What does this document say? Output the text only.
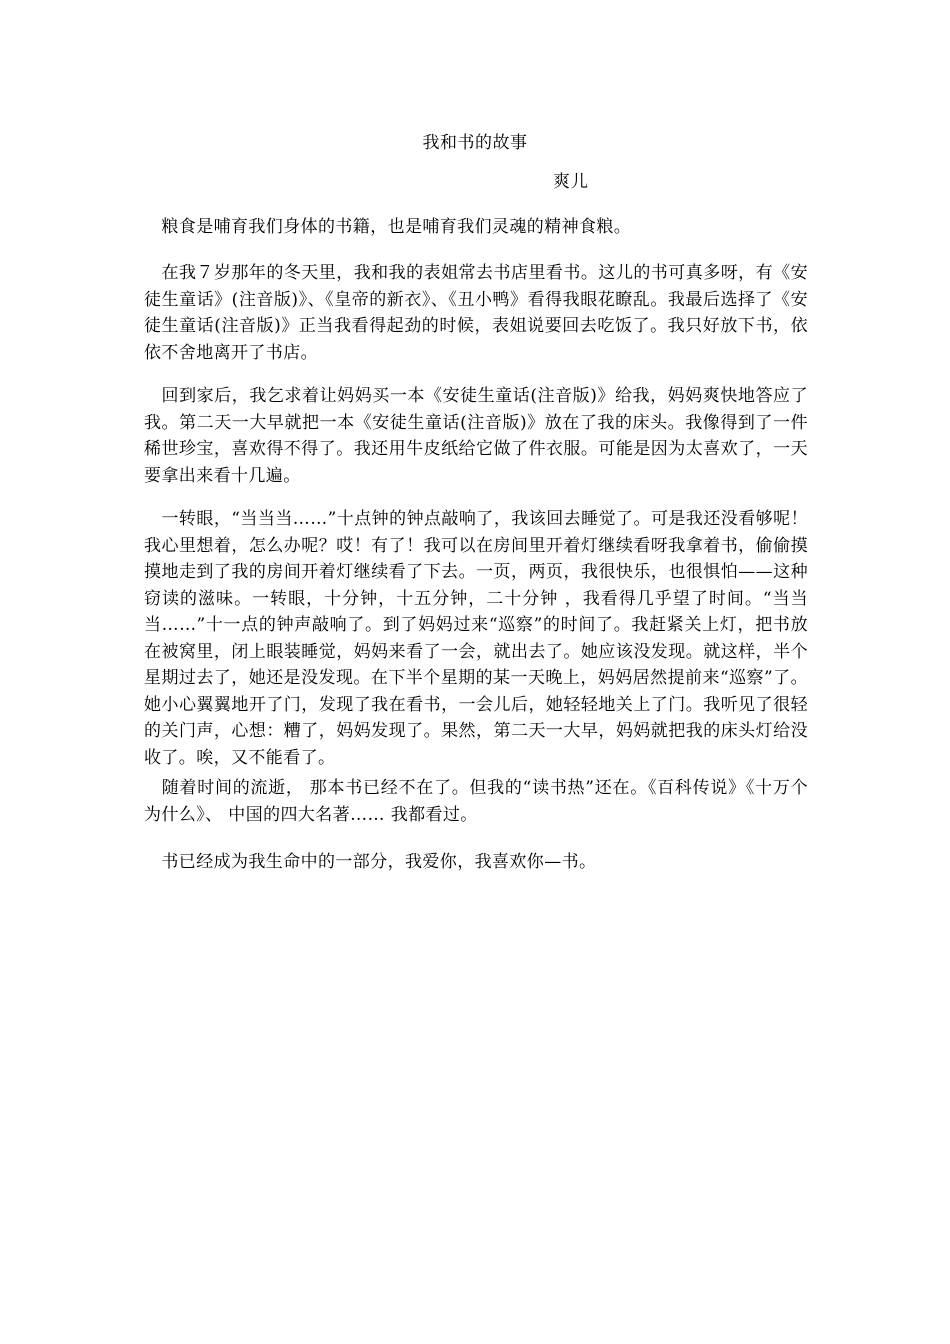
我和书的故事
爽儿

　粮食是哺育我们身体的书籍，也是哺育我们灵魂的精神食粮。

　在我７岁那年的冬天里，我和我的表姐常去书店里看书。这儿的书可真多呀，有《安徒生童话》(注音版)》、《皇帝的新衣》、《丑小鸭》看得我眼花瞭乱。我最后选择了《安徒生童话(注音版)》正当我看得起劲的时候，表姐说要回去吃饭了。我只好放下书，依依不舍地离开了书店。

　回到家后，我乞求着让妈妈买一本《安徒生童话(注音版)》给我，妈妈爽快地答应了我。第二天一大早就把一本《安徒生童话(注音版)》放在了我的床头。我像得到了一件稀世珍宝，喜欢得不得了。我还用牛皮纸给它做了件衣服。可能是因为太喜欢了，一天要拿出来看十几遍。

　一转眼，“当当当……”十点钟的钟点敲响了，我该回去睡觉了。可是我还没看够呢！我心里想着，怎么办呢？哎！有了！我可以在房间里开着灯继续看呀我拿着书，偷偷摸摸地走到了我的房间开着灯继续看了下去。一页，两页，我很快乐，也很惧怕——这种窃读的滋味。一转眼，十分钟，十五分钟，二十分钟 ，我看得几乎望了时间。“当当当……”十一点的钟声敲响了。到了妈妈过来“巡察”的时间了。我赶紧关上灯，把书放在被窝里，闭上眼装睡觉，妈妈来看了一会，就出去了。她应该没发现。就这样，半个星期过去了，她还是没发现。在下半个星期的某一天晚上，妈妈居然提前来“巡察”了。她小心翼翼地开了门，发现了我在看书，一会儿后，她轻轻地关上了门。我听见了很轻的关门声，心想：糟了，妈妈发现了。果然，第二天一大早，妈妈就把我的床头灯给没收了。唉，又不能看了。

　随着时间的流逝， 那本书已经不在了。但我的“读书热”还在。《百科传说》《十万个为什么》、 中国的四大名著…… 我都看过。

　书已经成为我生命中的一部分，我爱你，我喜欢你—书。
